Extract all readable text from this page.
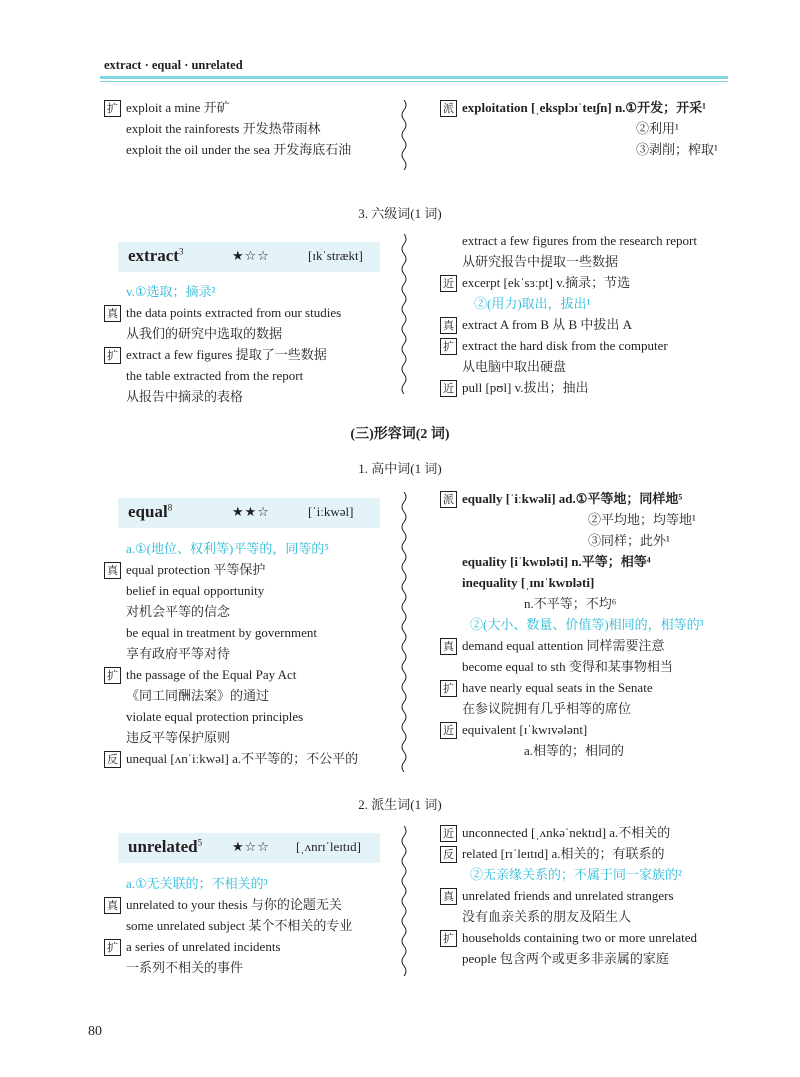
extract · equal · unrelated
扩 exploit a mine 开矿
exploit the rainforests 开发热带雨林
exploit the oil under the sea 开发海底石油
派 exploitation [ˌeksplɔɪˈteɪʃn] n.①开发；开采¹
②利用¹
③剥削；榨取¹
3. 六级词(1 词)
extract$^3$	★☆☆	[ɪkˈstrækt]
v.①选取；摘录²
真 the data points extracted from our studies
从我们的研究中选取的数据
扩 extract a few figures 提取了一些数据
the table extracted from the report
从报告中摘录的表格
extract a few figures from the research report
从研究报告中提取一些数据
近 excerpt [ekˈsɜːpt] v.摘录；节选
②(用力)取出，拔出¹
真 extract A from B 从 B 中拔出 A
扩 extract the hard disk from the computer
从电脑中取出硬盘
近 pull [pʊl] v.拔出；抽出
(三)形容词(2 词)
1. 高中词(1 词)
equal$^8$	★★☆	[ˈiːkwəl]
a.①(地位、权利等)平等的，同等的⁵
真 equal protection 平等保护
belief in equal opportunity
对机会平等的信念
be equal in treatment by government
享有政府平等对待
扩 the passage of the Equal Pay Act
《同工同酬法案》的通过
violate equal protection principles
违反平等保护原则
反 unequal [ʌnˈiːkwəl] a.不平等的；不公平的
派 equally [ˈiːkwəli] ad.①平等地；同样地⁵
②平均地；均等地¹
③同样；此外¹
equality [iˈkwɒləti] n.平等；相等⁴
inequality [ˌɪnɪˈkwɒləti]
n.不平等；不均⁶
②(大小、数量、价值等)相同的，相等的³
真 demand equal attention 同样需要注意
become equal to sth 变得和某事物相当
扩 have nearly equal seats in the Senate
在参议院拥有几乎相等的席位
近 equivalent [ɪˈkwɪvələnt]
a.相等的；相同的
2. 派生词(1 词)
unrelated$^5$ ★☆☆ [ˌʌnrɪˈleɪtɪd]
a.①无关联的；不相关的³
真 unrelated to your thesis 与你的论题无关
some unrelated subject 某个不相关的专业
扩 a series of unrelated incidents
一系列不相关的事件
近 unconnected [ˌʌnkəˈnektɪd] a.不相关的
反 related [rɪˈleɪtɪd] a.相关的；有联系的
②无亲缘关系的；不属于同一家族的²
真 unrelated friends and unrelated strangers
没有血亲关系的朋友及陌生人
扩 households containing two or more unrelated
people 包含两个或更多非亲属的家庭
80
